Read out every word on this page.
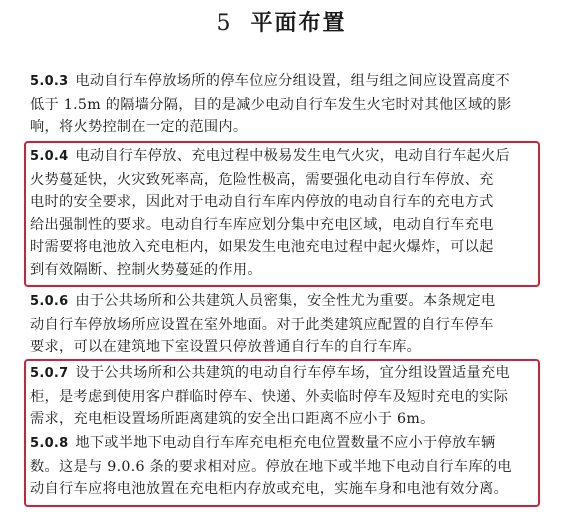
5 平面布置
5.0.3 电动自行车停放场所的停车位应分组设置，组与组之间应设置高度不
低于 1.5m 的隔墙分隔，目的是减少电动自行车发生火宅时对其他区域的影
响，将火势控制在一定的范围内。
5.0.4 电动自行车停放、充电过程中极易发生电气火灾，电动自行车起火后
火势蔓延快，火灾致死率高，危险性极高，需要强化电动自行车停放、充
电时的安全要求，因此对于电动自行车库内停放的电动自行车的充电方式
给出强制性的要求。电动自行车库应划分集中充电区域，电动自行车充电
时需要将电池放入充电柜内，如果发生电池充电过程中起火爆炸，可以起
到有效隔断、控制火势蔓延的作用。
5.0.6 由于公共场所和公共建筑人员密集，安全性尤为重要。本条规定电
动自行车停放场所应设置在室外地面。对于此类建筑应配置的自行车停车
要求，可以在建筑地下室设置只停放普通自行车的自行车库。
5.0.7 设于公共场所和公共建筑的电动自行车停车场，宜分组设置适量充电
柜，是考虑到使用客户群临时停车、快递、外卖临时停车及短时充电的实际
需求，充电柜设置场所距离建筑的安全出口距离不应小于 6m。
5.0.8 地下或半地下电动自行车库充电柜充电位置数量不应小于停放车辆
数。这是与 9.0.6 条的要求相对应。停放在地下或半地下电动自行车库的电
动自行车应将电池放置在充电柜内存放或充电，实施车身和电池有效分离。
